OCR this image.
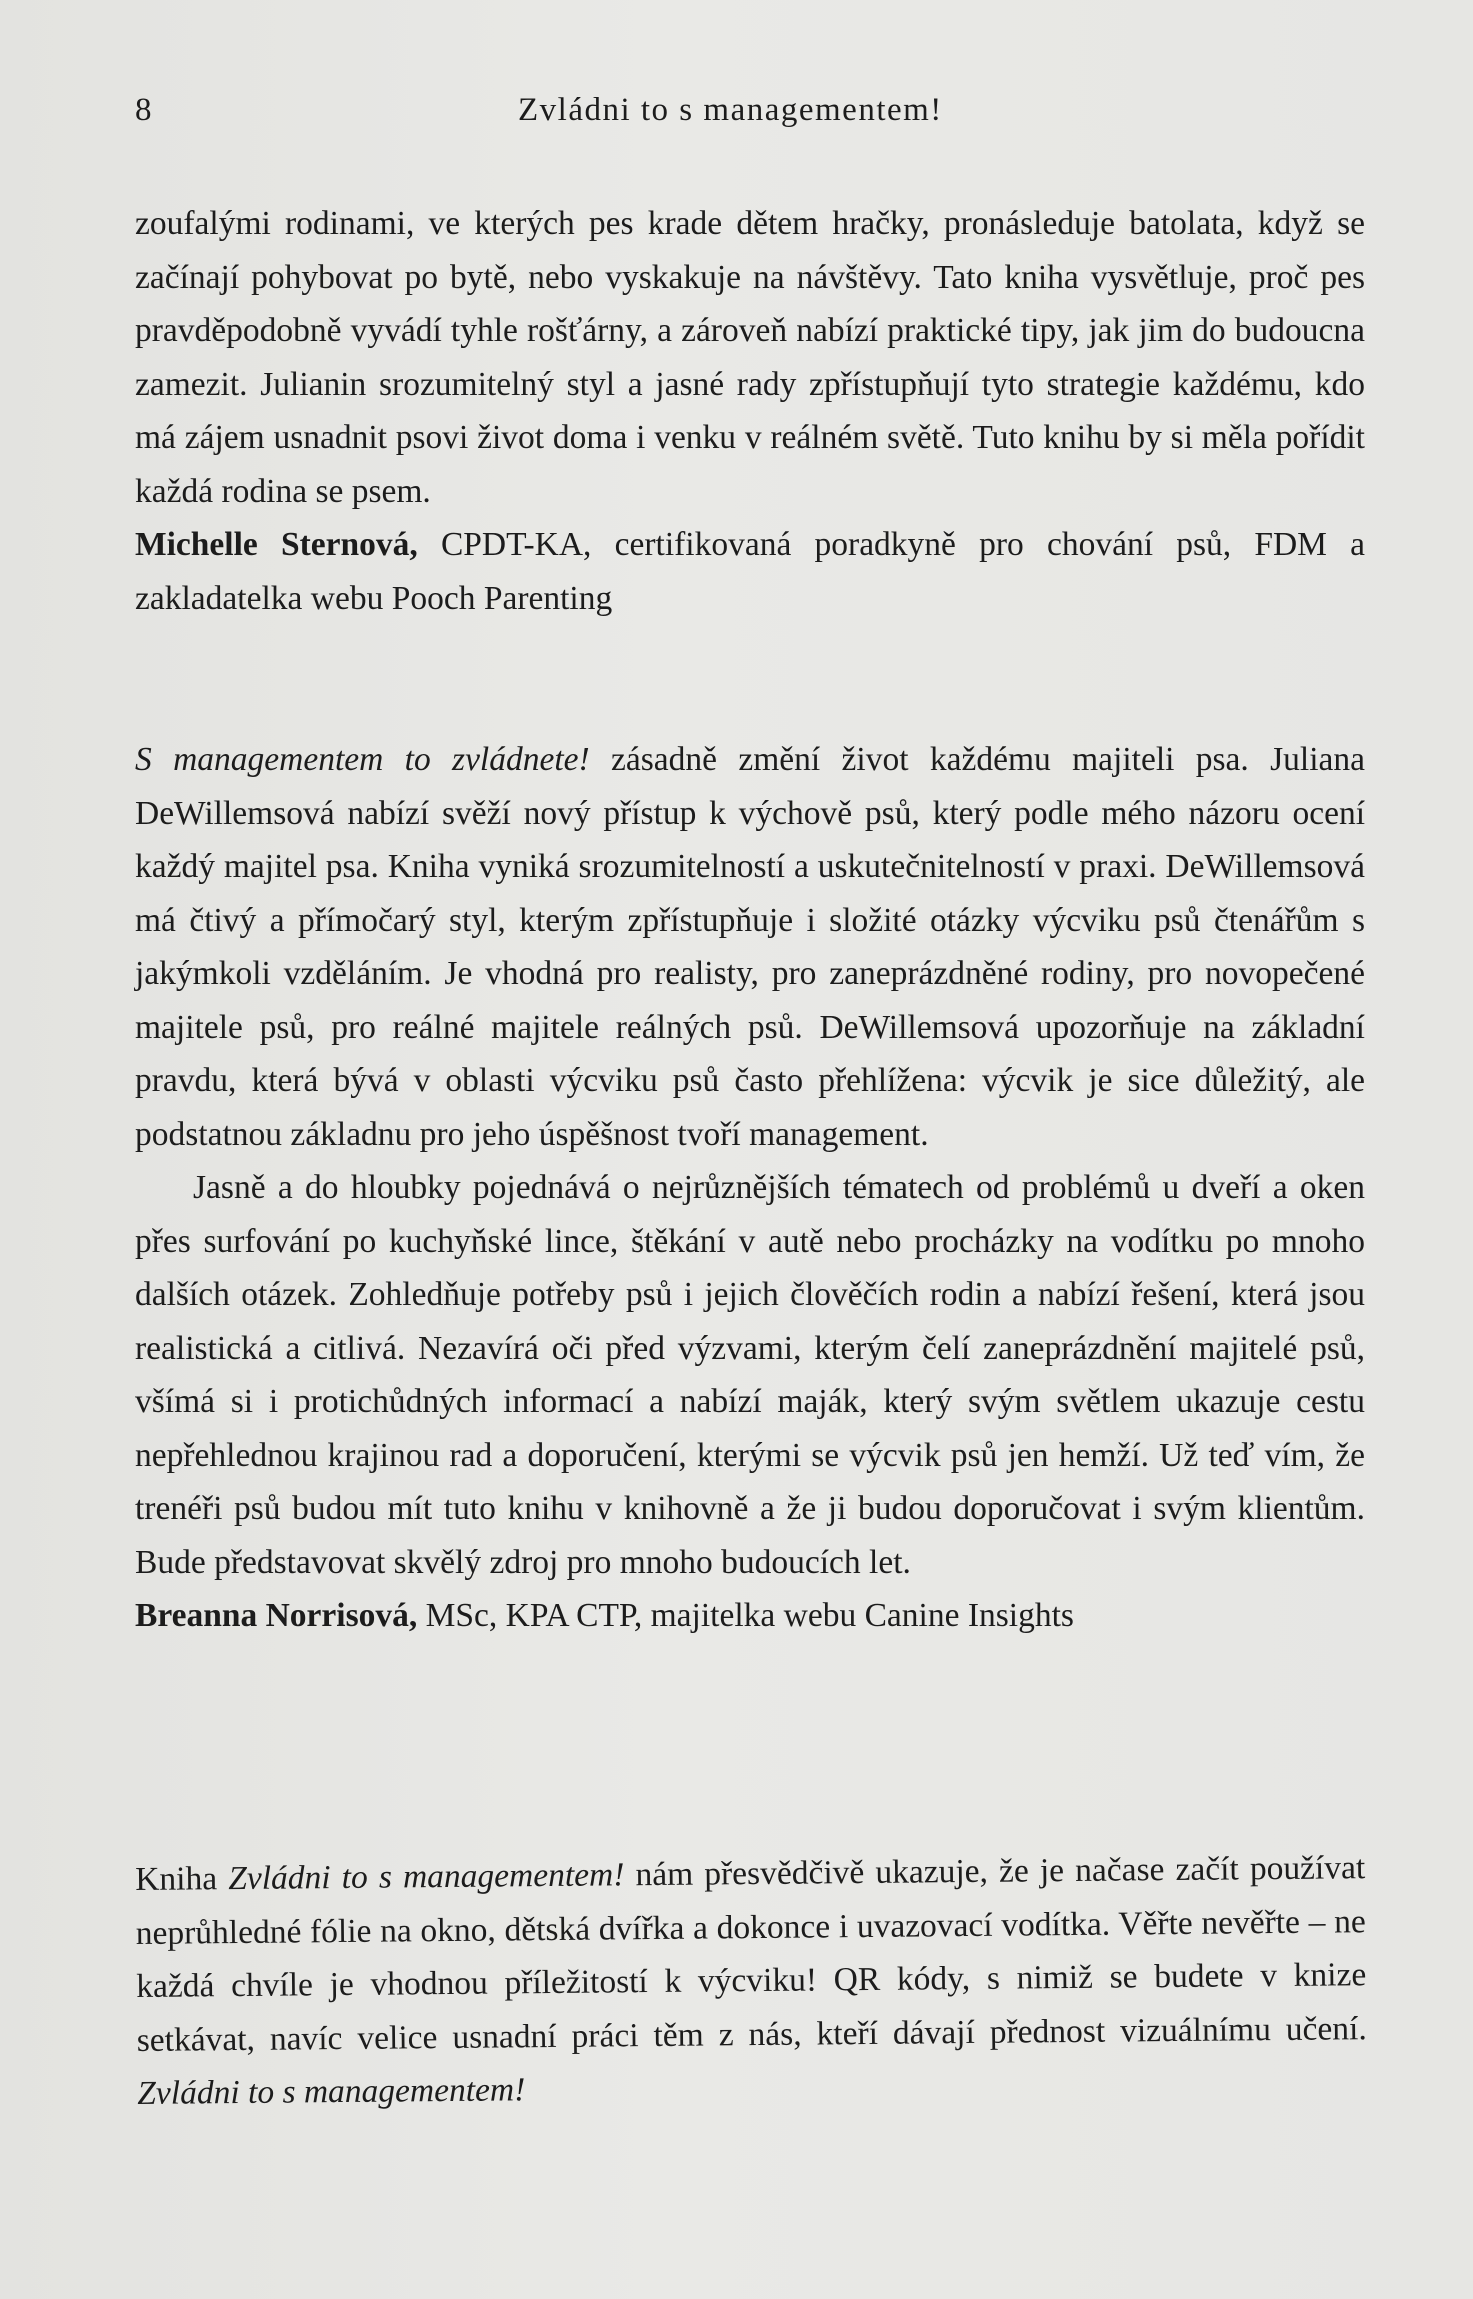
8	Zvládni to s managementem!

zoufalými rodinami, ve kterých pes krade dětem hračky, pronásleduje batolata, když se začínají pohybovat po bytě, nebo vyskakuje na návštěvy. Tato kniha vysvětluje, proč pes pravděpodobně vyvádí tyhle rošťárny, a zároveň nabízí praktické tipy, jak jim do budoucna zamezit. Julianin srozumitelný styl a jasné rady zpřístupňují tyto strategie každému, kdo má zájem usnadnit psovi život doma i venku v reálném světě. Tuto knihu by si měla pořídit každá rodina se psem.

Michelle Sternová, CPDT-KA, certifikovaná poradkyně pro chování psů, FDM a zakladatelka webu Pooch Parenting

S managementem to zvládnete! zásadně změní život každému majiteli psa. Juliana DeWillemsová nabízí svěží nový přístup k výchově psů, který podle mého názoru ocení každý majitel psa. Kniha vyniká srozumitelností a uskutečnitelností v praxi. DeWillemsová má čtivý a přímočarý styl, kterým zpřístupňuje i složité otázky výcviku psů čtenářům s jakýmkoli vzděláním. Je vhodná pro realisty, pro zaneprázdněné rodiny, pro novopečené majitele psů, pro reálné majitele reálných psů. DeWillemsová upozorňuje na základní pravdu, která bývá v oblasti výcviku psů často přehlížena: výcvik je sice důležitý, ale podstatnou základnu pro jeho úspěšnost tvoří management.

Jasně a do hloubky pojednává o nejrůznějších tématech od problémů u dveří a oken přes surfování po kuchyňské lince, štěkání v autě nebo procházky na vodítku po mnoho dalších otázek. Zohledňuje potřeby psů i jejich člověčích rodin a nabízí řešení, která jsou realistická a citlivá. Nezavírá oči před výzvami, kterým čelí zaneprázdnění majitelé psů, všímá si i protichůdných informací a nabízí maják, který svým světlem ukazuje cestu nepřehlednou krajinou rad a doporučení, kterými se výcvik psů jen hemží. Už teď vím, že trenéři psů budou mít tuto knihu v knihovně a že ji budou doporučovat i svým klientům. Bude představovat skvělý zdroj pro mnoho budoucích let.

Breanna Norrisová, MSc, KPA CTP, majitelka webu Canine Insights

Kniha Zvládni to s managementem! nám přesvědčivě ukazuje, že je načase začít používat neprůhledné fólie na okno, dětská dvířka a dokonce i uvazovací vodítka. Věřte nevěřte – ne každá chvíle je vhodnou příležitostí k výcviku! QR kódy, s nimiž se budete v knize setkávat, navíc velice usnadní práci těm z nás, kteří dávají přednost vizuálnímu učení. Zvládni to s managementem!
